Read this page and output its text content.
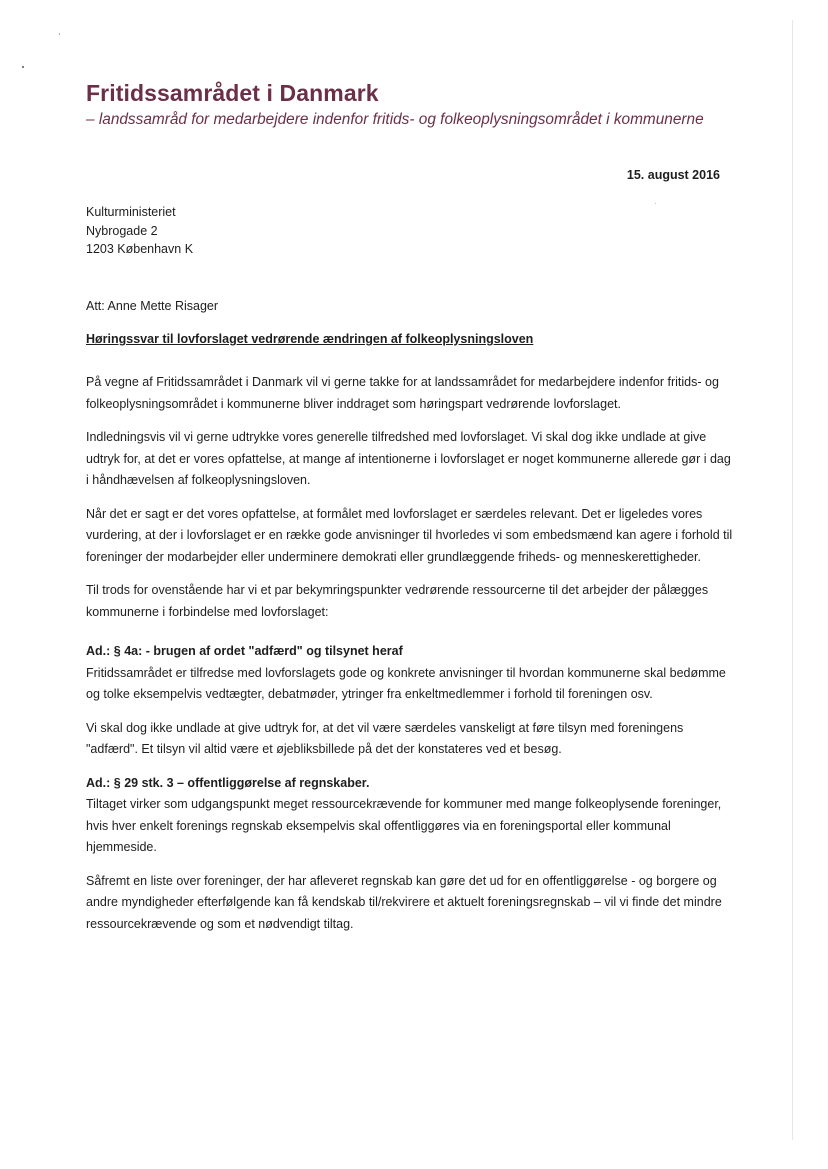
Fritidssamrådet i Danmark
– landssamråd for medarbejdere indenfor fritids- og folkeoplysningsområdet i kommunerne
15. august 2016
Kulturministeriet
Nybrogade 2
1203 København K
Att: Anne Mette Risager
Høringssvar til lovforslaget vedrørende ændringen af folkeoplysningsloven

På vegne af Fritidssamrådet i Danmark vil vi gerne takke for at landssamrådet for medarbejdere indenfor fritids- og folkeoplysningsområdet i kommunerne bliver inddraget som høringspart vedrørende lovforslaget.

Indledningsvis vil vi gerne udtrykke vores generelle tilfredshed med lovforslaget. Vi skal dog ikke undlade at give udtryk for, at det er vores opfattelse, at mange af intentionerne i lovforslaget er noget kommunerne allerede gør i dag i håndhævelsen af folkeoplysningsloven.

Når det er sagt er det vores opfattelse, at formålet med lovforslaget er særdeles relevant. Det er ligeledes vores vurdering, at der i lovforslaget er en række gode anvisninger til hvorledes vi som embedsmænd kan agere i forhold til foreninger der modarbejder eller underminere demokrati eller grundlæggende friheds- og menneskerettigheder.

Til trods for ovenstående har vi et par bekymringspunkter vedrørende ressourcerne til det arbejder der pålægges kommunerne i forbindelse med lovforslaget:

Ad.: § 4a: - brugen af ordet "adfærd" og tilsynet heraf

Fritidssamrådet er tilfredse med lovforslagets gode og konkrete anvisninger til hvordan kommunerne skal bedømme og tolke eksempelvis vedtægter, debatmøder, ytringer fra enkeltmedlemmer i forhold til foreningen osv.

Vi skal dog ikke undlade at give udtryk for, at det vil være særdeles vanskeligt at føre tilsyn med foreningens "adfærd". Et tilsyn vil altid være et øjebliksbillede på det der konstateres ved et besøg.

Ad.: § 29 stk. 3 – offentliggørelse af regnskaber.

Tiltaget virker som udgangspunkt meget ressourcekrævende for kommuner med mange folkeoplysende foreninger, hvis hver enkelt forenings regnskab eksempelvis skal offentliggøres via en foreningsportal eller kommunal hjemmeside.

Såfremt en liste over foreninger, der har afleveret regnskab kan gøre det ud for en offentliggørelse - og borgere og andre myndigheder efterfølgende kan få kendskab til/rekvirere et aktuelt foreningsregnskab – vil vi finde det mindre ressourcekrævende og som et nødvendigt tiltag.
